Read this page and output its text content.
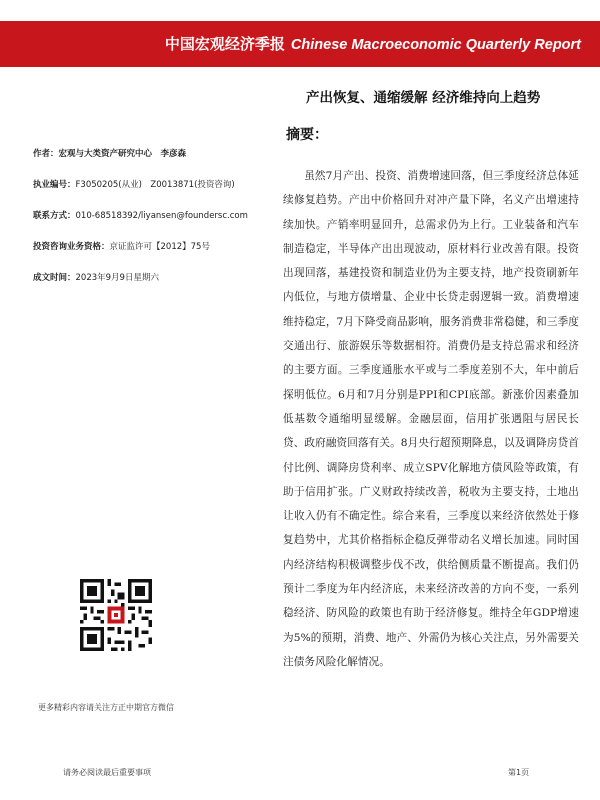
中国宏观经济季报 Chinese Macroeconomic Quarterly Report
产出恢复、通缩缓解 经济维持向上趋势
摘要：

作者：宏观与大类资产研究中心　李彦森

执业编号：F3050205(从业)　Z0013871(投资咨询)

联系方式：010-68518392/liyansen@foundersc.com

投资咨询业务资格：京证监许可【2012】75号

成文时间：2023年9月9日星期六

虽然7月产出、投资、消费增速回落，但三季度经济总体延续修复趋势。产出中价格回升对冲产量下降，名义产出增速持续加快。产销率明显回升，总需求仍为上行。工业装备和汽车制造稳定，半导体产出出现波动，原材料行业改善有限。投资出现回落，基建投资和制造业仍为主要支持，地产投资刷新年内低位，与地方债增量、企业中长贷走弱逻辑一致。消费增速维持稳定，7月下降受商品影响，服务消费非常稳健，和三季度交通出行、旅游娱乐等数据相符。消费仍是支持总需求和经济的主要方面。三季度通胀水平或与二季度差别不大，年中前后探明低位。6月和7月分别是PPI和CPI底部。新涨价因素叠加低基数令通缩明显缓解。金融层面，信用扩张遇阻与居民长贷、政府融资回落有关。8月央行超预期降息，以及调降房贷首付比例、调降房贷利率、成立SPV化解地方债风险等政策，有助于信用扩张。广义财政持续改善，税收为主要支持，土地出让收入仍有不确定性。综合来看，三季度以来经济依然处于修复趋势中，尤其价格指标企稳反弹带动名义增长加速。同时国内经济结构积极调整步伐不改，供给侧质量不断提高。我们仍预计二季度为年内经济底，未来经济改善的方向不变，一系列稳经济、防风险的政策也有助于经济修复。维持全年GDP增速为5%的预期，消费、地产、外需仍为核心关注点，另外需要关注债务风险化解情况。

更多精彩内容请关注方正中期官方微信

请务必阅读最后重要事项	第1页
